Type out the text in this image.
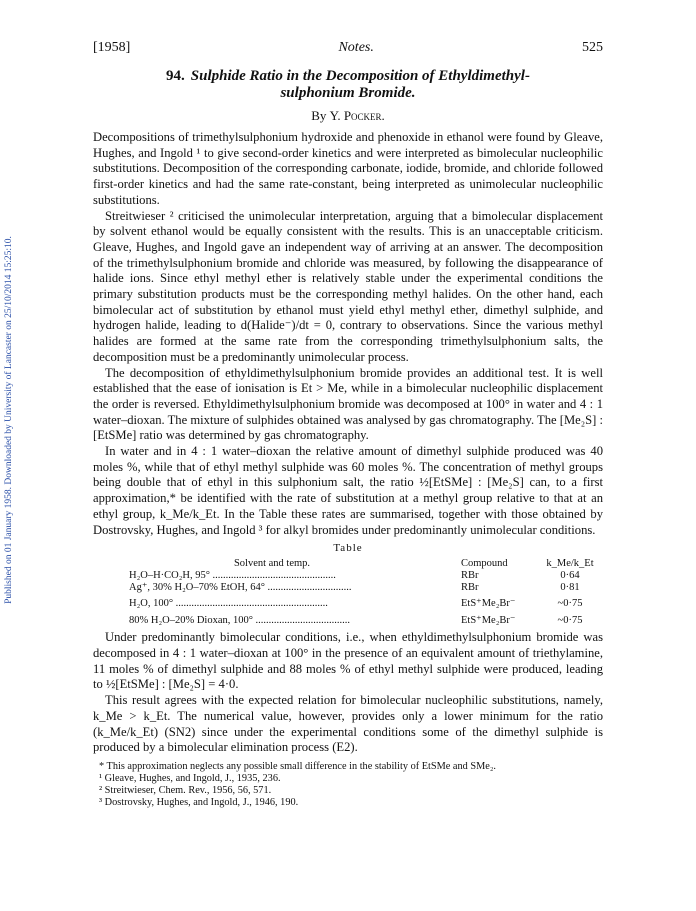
Published on 01 January 1958. Downloaded by University of Lancaster on 25/10/2014 15:25:10.
[1958]	Notes.	525
94. Sulphide Ratio in the Decomposition of Ethyldimethyl-
sulphonium Bromide.
By Y. Pocker.

Decompositions of trimethylsulphonium hydroxide and phenoxide in ethanol were found by Gleave, Hughes, and Ingold ¹ to give second-order kinetics and were interpreted as bimolecular nucleophilic substitutions. Decomposition of the corresponding carbonate, iodide, bromide, and chloride followed first-order kinetics and had the same rate-constant, being interpreted as unimolecular nucleophilic substitutions.

Streitwieser ² criticised the unimolecular interpretation, arguing that a bimolecular displacement by solvent ethanol would be equally consistent with the results. This is an unacceptable criticism. Gleave, Hughes, and Ingold gave an independent way of arriving at an answer. The decomposition of the trimethylsulphonium bromide and chloride was measured, by following the disappearance of halide ions. Since ethyl methyl ether is relatively stable under the experimental conditions the primary substitution products must be the corresponding methyl halides. On the other hand, each bimolecular act of substitution by ethanol must yield ethyl methyl ether, dimethyl sulphide, and hydrogen halide, leading to d(Halide⁻)/dt = 0, contrary to observations. Since the various methyl halides are formed at the same rate from the corresponding trimethylsulphonium salts, the decomposition must be a predominantly unimolecular process.

The decomposition of ethyldimethylsulphonium bromide provides an additional test. It is well established that the ease of ionisation is Et > Me, while in a bimolecular nucleophilic displacement the order is reversed. Ethyldimethylsulphonium bromide was decomposed at 100° in water and 4 : 1 water–dioxan. The mixture of sulphides obtained was analysed by gas chromatography. The [Me₂S] : [EtSMe] ratio was determined by gas chromatography.

In water and in 4 : 1 water–dioxan the relative amount of dimethyl sulphide produced was 40 moles %, while that of ethyl methyl sulphide was 60 moles %. The concentration of methyl groups being double that of ethyl in this sulphonium salt, the ratio ½[EtSMe] : [Me₂S] can, to a first approximation,* be identified with the rate of substitution at a methyl group relative to that at an ethyl group, k_Me/k_Et. In the Table these rates are summarised, together with those obtained by Dostrovsky, Hughes, and Ingold ³ for alkyl bromides under predominantly unimolecular conditions.

Table
Solvent and temp.	Compound	k_Me/k_Et
H₂O–H·CO₂H, 95° ...............................................	RBr	0·64
Ag⁺, 30% H₂O–70% EtOH, 64° ................................	RBr	0·81
H₂O, 100° ..........................................................	EtS⁺Me₂Br⁻	~0·75
80% H₂O–20% Dioxan, 100° ....................................	EtS⁺Me₂Br⁻	~0·75

Under predominantly bimolecular conditions, i.e., when ethyldimethylsulphonium bromide was decomposed in 4 : 1 water–dioxan at 100° in the presence of an equivalent amount of triethylamine, 11 moles % of dimethyl sulphide and 88 moles % of ethyl methyl sulphide were produced, leading to ½[EtSMe] : [Me₂S] = 4·0.

This result agrees with the expected relation for bimolecular nucleophilic substitutions, namely, k_Me > k_Et. The numerical value, however, provides only a lower minimum for the ratio (k_Me/k_Et) (SN2) since under the experimental conditions some of the dimethyl sulphide is produced by a bimolecular elimination process (E2).

* This approximation neglects any possible small difference in the stability of EtSMe and SMe₂.
¹ Gleave, Hughes, and Ingold, J., 1935, 236.
² Streitwieser, Chem. Rev., 1956, 56, 571.
³ Dostrovsky, Hughes, and Ingold, J., 1946, 190.
